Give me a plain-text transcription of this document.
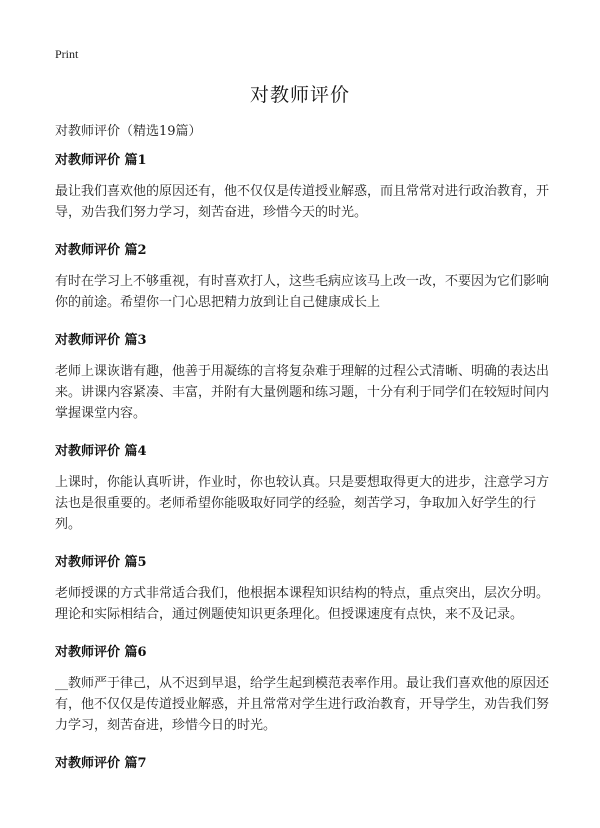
Print
对教师评价
对教师评价（精选19篇）
对教师评价 篇1

最让我们喜欢他的原因还有，他不仅仅是传道授业解惑，而且常常对进行政治教育，开导，劝告我们努力学习，刻苦奋进，珍惜今天的时光。

对教师评价 篇2

有时在学习上不够重视，有时喜欢打人，这些毛病应该马上改一改，不要因为它们影响你的前途。希望你一门心思把精力放到让自己健康成长上

对教师评价 篇3

老师上课诙谐有趣，他善于用凝练的言将复杂难于理解的过程公式清晰、明确的表达出来。讲课内容紧凑、丰富，并附有大量例题和练习题，十分有利于同学们在较短时间内掌握课堂内容。

对教师评价 篇4

上课时，你能认真听讲，作业时，你也较认真。只是要想取得更大的进步，注意学习方法也是很重要的。老师希望你能吸取好同学的经验，刻苦学习，争取加入好学生的行列。

对教师评价 篇5

老师授课的方式非常适合我们，他根据本课程知识结构的特点，重点突出，层次分明。理论和实际相结合，通过例题使知识更条理化。但授课速度有点快，来不及记录。

对教师评价 篇6

__教师严于律己，从不迟到早退，给学生起到模范表率作用。最让我们喜欢他的原因还有，他不仅仅是传道授业解惑，并且常常对学生进行政治教育，开导学生，劝告我们努力学习，刻苦奋进，珍惜今日的时光。

对教师评价 篇7
